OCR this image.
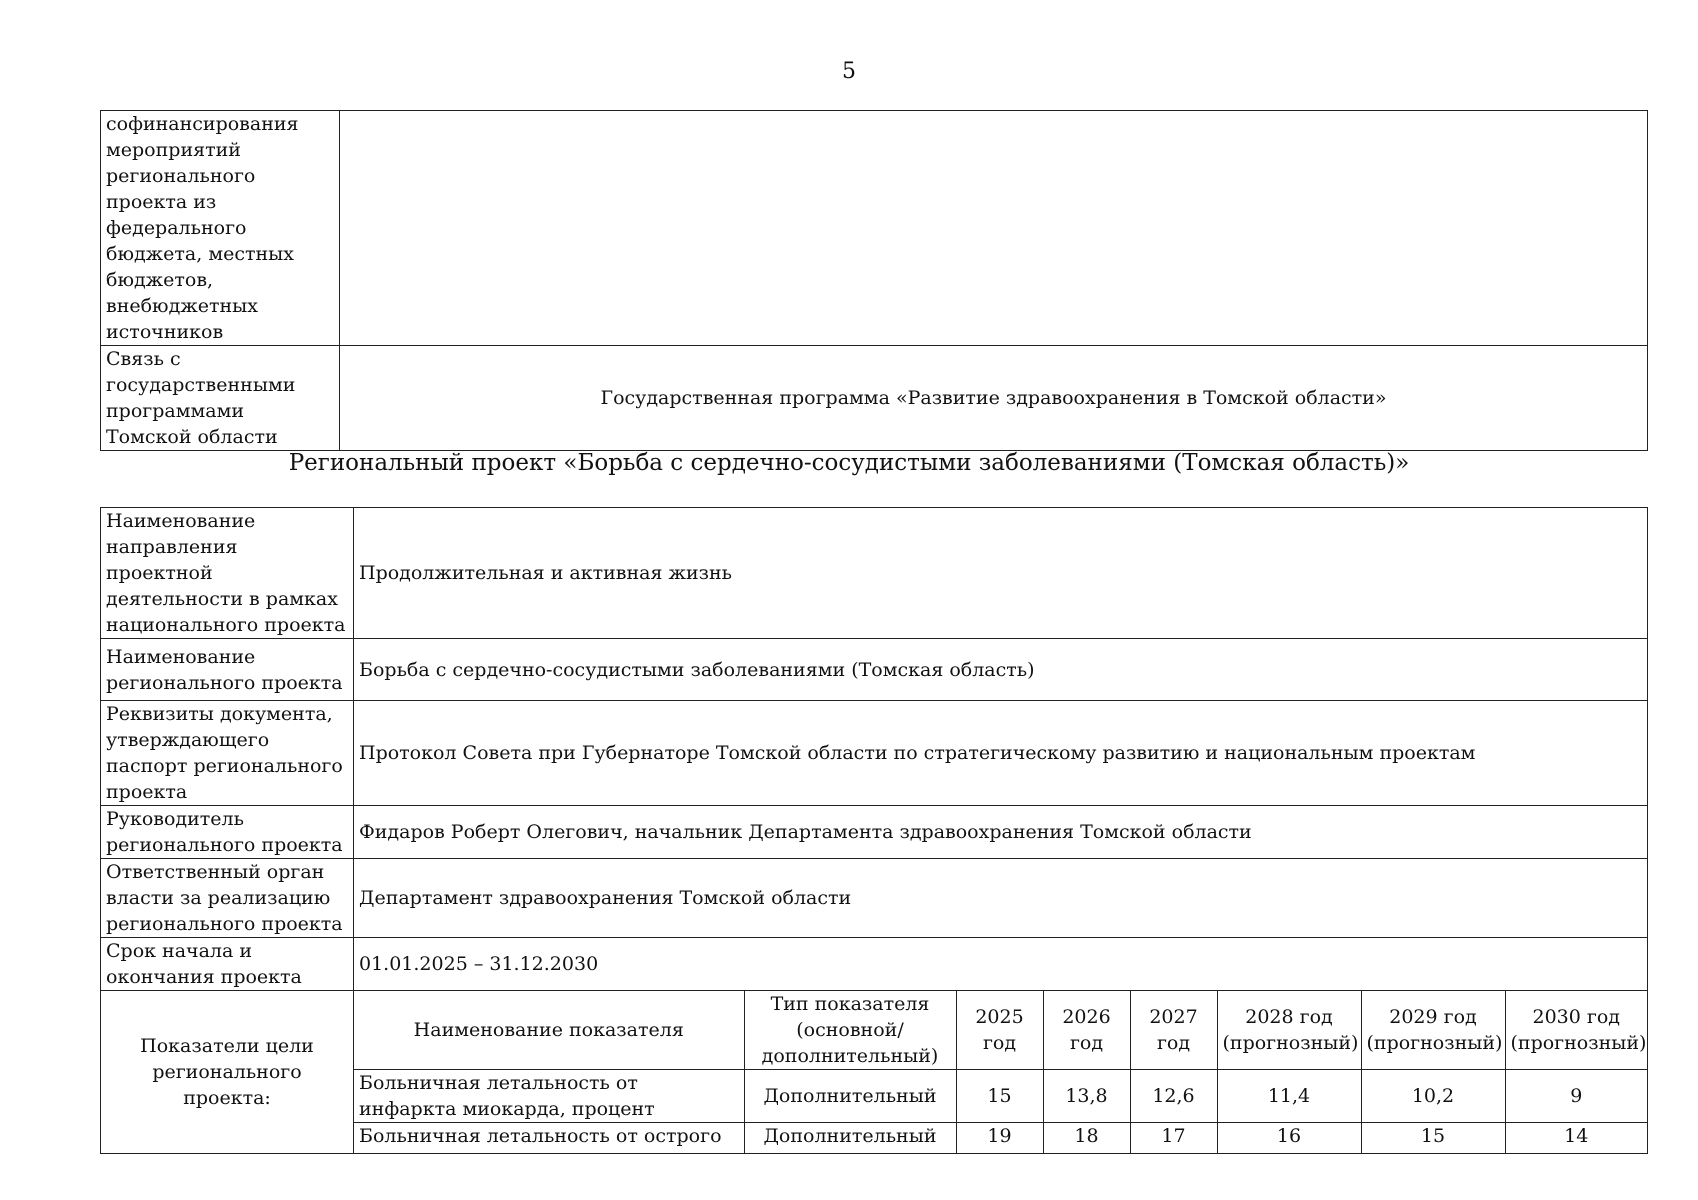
5
софинансирования мероприятий регионального проекта из федерального бюджета, местных бюджетов, внебюджетных источников	
Связь с государственными программами Томской области	Государственная программа «Развитие здравоохранения в Томской области»
Региональный проект «Борьба с сердечно-сосудистыми заболеваниями (Томская область)»
Наименование направления проектной деятельности в рамках национального проекта	Продолжительная и активная жизнь
Наименование регионального проекта	Борьба с сердечно-сосудистыми заболеваниями (Томская область)
Реквизиты документа, утверждающего паспорт регионального проекта	Протокол Совета при Губернаторе Томской области по стратегическому развитию и национальным проектам
Руководитель регионального проекта	Фидаров Роберт Олегович, начальник Департамента здравоохранения Томской области
Ответственный орган власти за реализацию регионального проекта	Департамент здравоохранения Томской области
Срок начала и окончания проекта	01.01.2025 – 31.12.2030
Показатели цели регионального проекта:	
Наименование показателя	Тип показателя (основной/ дополнительный)	2025 год	2026 год	2027 год	2028 год (прогнозный)	2029 год (прогнозный)	2030 год (прогнозный)
Больничная летальность от инфаркта миокарда, процент	Дополнительный	15	13,8	12,6	11,4	10,2	9
Больничная летальность от острого	Дополнительный	19	18	17	16	15	14
